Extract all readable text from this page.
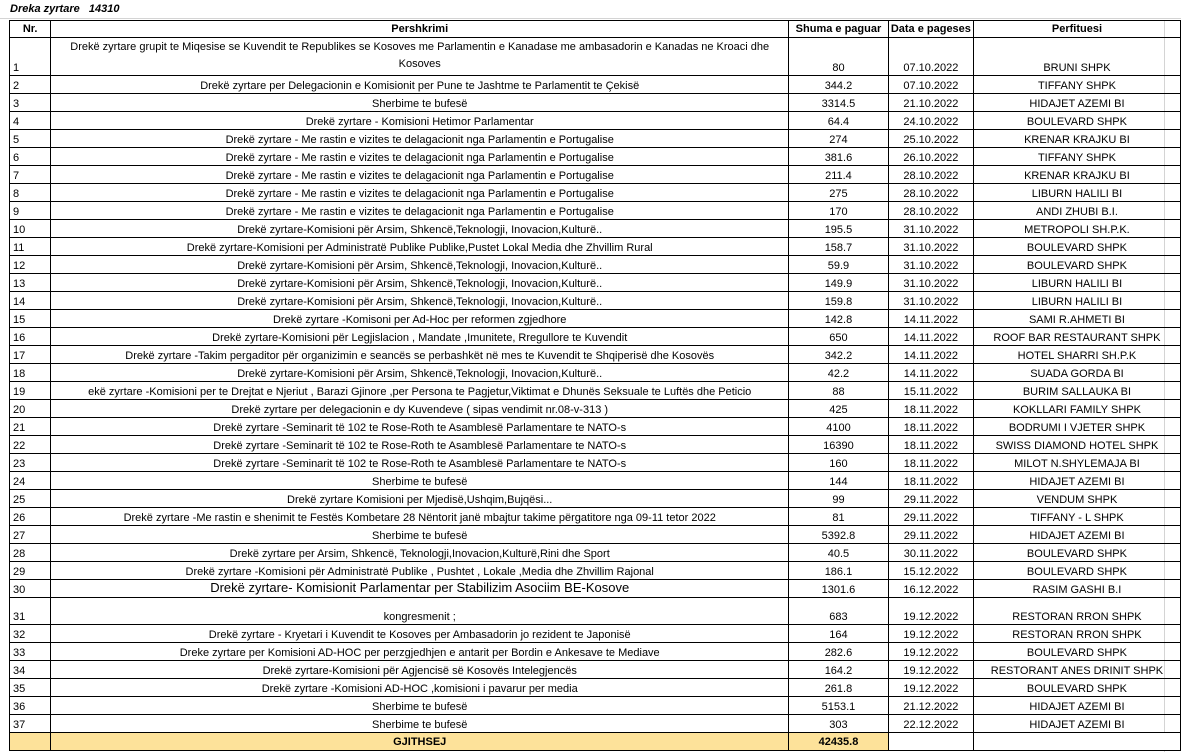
Dreka zyrtare   14310
Nr.	Pershkrimi	Shuma e paguar	Data e pageses	Perfituesi
1	Drekë zyrtare grupit te Miqesise se Kuvendit te Republikes se Kosoves me Parlamentin e Kanadase me ambasadorin e Kanadas ne Kroaci dhe Kosoves	80	07.10.2022	BRUNI SHPK
2	Drekë zyrtare per Delegacionin e Komisionit per Pune te Jashtme te Parlamentit te Çekisë	344.2	07.10.2022	TIFFANY SHPK
3	Sherbime te bufesë	3314.5	21.10.2022	HIDAJET AZEMI BI
4	Drekë zyrtare - Komisioni Hetimor Parlamentar	64.4	24.10.2022	BOULEVARD SHPK
5	Drekë zyrtare - Me rastin e vizites te delagacionit nga Parlamentin e Portugalise	274	25.10.2022	KRENAR KRAJKU BI
6	Drekë zyrtare - Me rastin e vizites te delagacionit nga Parlamentin e Portugalise	381.6	26.10.2022	TIFFANY SHPK
7	Drekë zyrtare - Me rastin e vizites te delagacionit nga Parlamentin e Portugalise	211.4	28.10.2022	KRENAR KRAJKU BI
8	Drekë zyrtare - Me rastin e vizites te delagacionit nga Parlamentin e Portugalise	275	28.10.2022	LIBURN HALILI BI
9	Drekë zyrtare - Me rastin e vizites te delagacionit nga Parlamentin e Portugalise	170	28.10.2022	ANDI ZHUBI B.I.
10	Drekë zyrtare-Komisioni për Arsim, Shkencë,Teknologji, Inovacion,Kulturë..	195.5	31.10.2022	METROPOLI SH.P.K.
11	Drekë zyrtare-Komisioni per Administratë Publike Publike,Pustet Lokal Media dhe Zhvillim Rural	158.7	31.10.2022	BOULEVARD SHPK
12	Drekë zyrtare-Komisioni për Arsim, Shkencë,Teknologji, Inovacion,Kulturë..	59.9	31.10.2022	BOULEVARD SHPK
13	Drekë zyrtare-Komisioni për Arsim, Shkencë,Teknologji, Inovacion,Kulturë..	149.9	31.10.2022	LIBURN HALILI BI
14	Drekë zyrtare-Komisioni për Arsim, Shkencë,Teknologji, Inovacion,Kulturë..	159.8	31.10.2022	LIBURN HALILI BI
15	Drekë zyrtare -Komisoni per Ad-Hoc per reformen zgjedhore	142.8	14.11.2022	SAMI R.AHMETI BI
16	Drekë zyrtare-Komisioni për Legjislacion , Mandate ,Imunitete, Rregullore te Kuvendit	650	14.11.2022	ROOF BAR RESTAURANT SHPK
17	Drekë zyrtare -Takim pergaditor për organizimin e seancës se perbashkët në mes te Kuvendit te Shqiperisë dhe Kosovës	342.2	14.11.2022	HOTEL SHARRI SH.P.K
18	Drekë zyrtare-Komisioni për Arsim, Shkencë,Teknologji, Inovacion,Kulturë..	42.2	14.11.2022	SUADA GORDA BI
19	ekë zyrtare -Komisioni per te Drejtat e Njeriut , Barazi Gjinore ,per Persona te Pagjetur,Viktimat e Dhunës Seksuale te Luftës dhe Peticio	88	15.11.2022	BURIM SALLAUKA BI
20	Drekë zyrtare per delegacionin e dy Kuvendeve ( sipas vendimit nr.08-v-313 )	425	18.11.2022	KOKLLARI FAMILY SHPK
21	Drekë zyrtare -Seminarit të 102 te Rose-Roth te Asamblesë Parlamentare te NATO-s	4100	18.11.2022	BODRUMI I VJETER SHPK
22	Drekë zyrtare -Seminarit të 102 te Rose-Roth te Asamblesë Parlamentare te NATO-s	16390	18.11.2022	SWISS DIAMOND HOTEL SHPK
23	Drekë zyrtare -Seminarit të 102 te Rose-Roth te Asamblesë Parlamentare te NATO-s	160	18.11.2022	MILOT N.SHYLEMAJA BI
24	Sherbime te bufesë	144	18.11.2022	HIDAJET AZEMI BI
25	Drekë zyrtare Komisioni per Mjedisë,Ushqim,Bujqësi...	99	29.11.2022	VENDUM SHPK
26	Drekë zyrtare -Me rastin e shenimit te Festës Kombetare 28 Nëntorit janë mbajtur takime përgatitore nga 09-11 tetor 2022	81	29.11.2022	TIFFANY - L SHPK
27	Sherbime te bufesë	5392.8	29.11.2022	HIDAJET AZEMI BI
28	Drekë zyrtare per Arsim, Shkencë, Teknologji,Inovacion,Kulturë,Rini dhe Sport	40.5	30.11.2022	BOULEVARD SHPK
29	Drekë zyrtare -Komisioni për Administratë Publike , Pushtet , Lokale ,Media dhe Zhvillim Rajonal	186.1	15.12.2022	BOULEVARD SHPK
30	Drekë zyrtare- Komisionit Parlamentar per Stabilizim Asociim BE-Kosove	1301.6	16.12.2022	RASIM GASHI B.I
31	kongresmenit ;	683	19.12.2022	RESTORAN RRON SHPK
32	Drekë zyrtare - Kryetari i Kuvendit te Kosoves per Ambasadorin jo rezident te Japonisë	164	19.12.2022	RESTORAN RRON SHPK
33	Dreke zyrtare per Komisioni AD-HOC per perzgjedhjen e antarit per Bordin e Ankesave te Mediave	282.6	19.12.2022	BOULEVARD SHPK
34	Drekë zyrtare-Komisioni për Agjencisë së Kosovës Intelegjencës	164.2	19.12.2022	RESTORANT ANES DRINIT SHPK
35	Drekë zyrtare -Komisioni AD-HOC ,komisioni i pavarur per media	261.8	19.12.2022	BOULEVARD SHPK
36	Sherbime te bufesë	5153.1	21.12.2022	HIDAJET AZEMI BI
37	Sherbime te bufesë	303	22.12.2022	HIDAJET AZEMI BI
	GJITHSEJ	42435.8		
